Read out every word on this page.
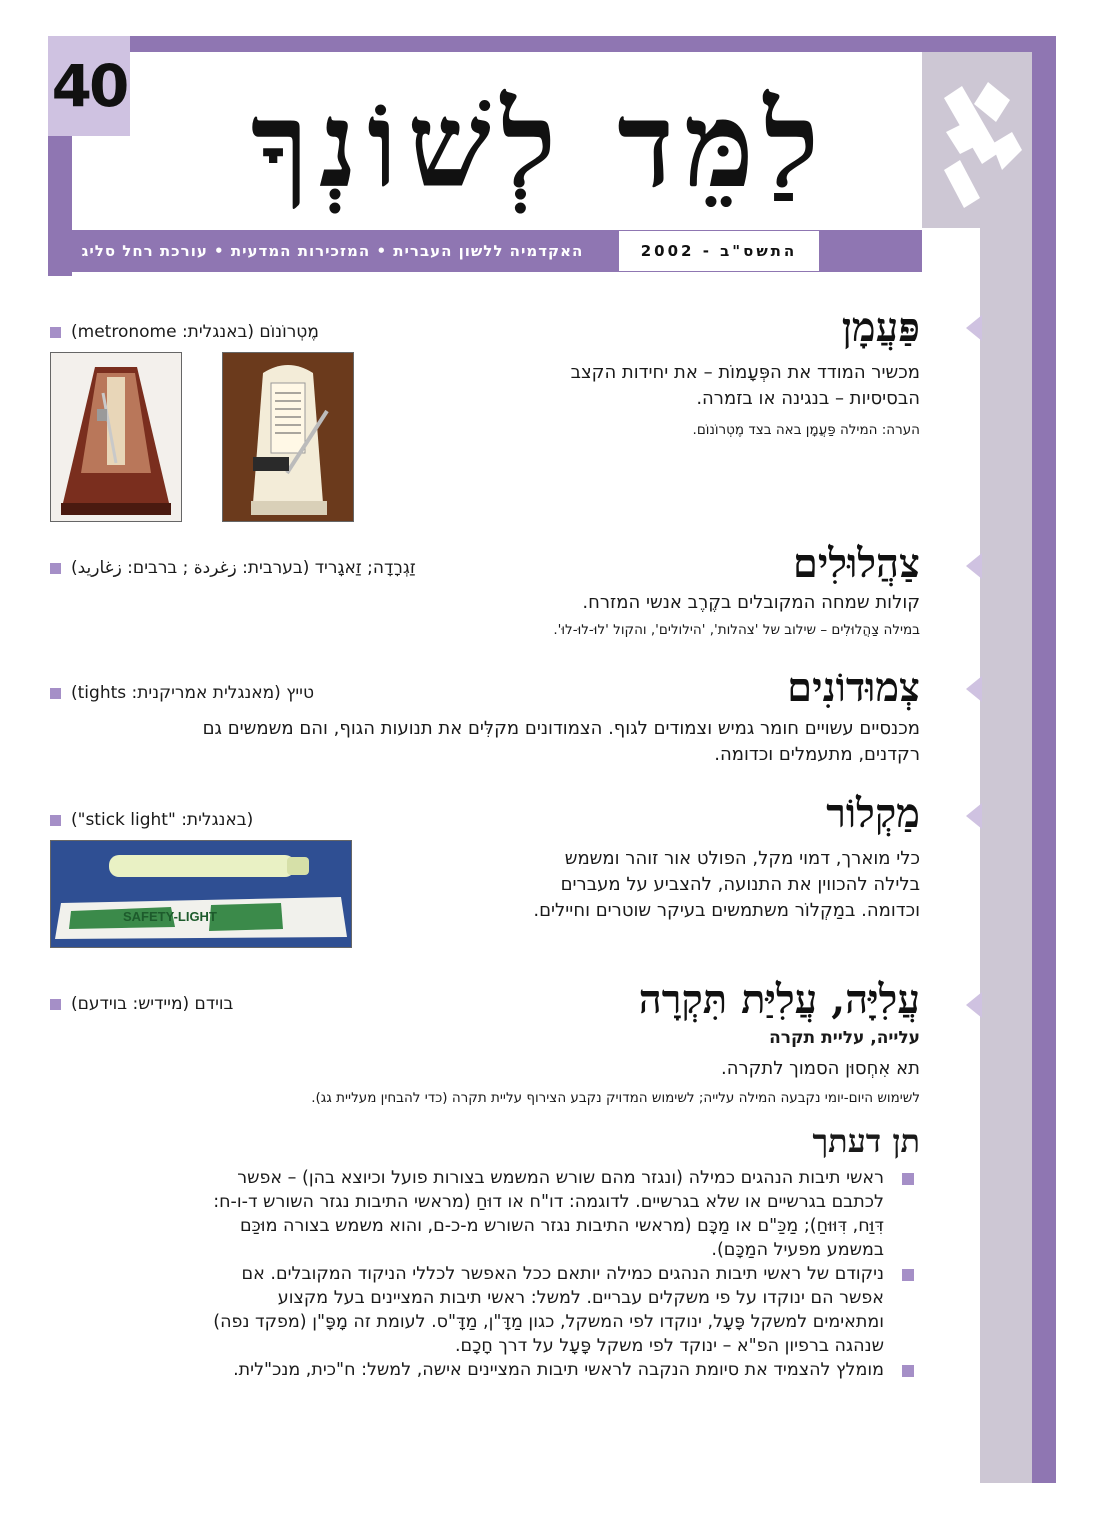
40	לַמֵּד לְשׁוֹנְךָ
האקדמיה ללשון העברית • המזכירות המדעית • עורכת רחל סליג	התשס"ב - 2002
פַּעֲמָן
מֶטְרוֹנוֹם (באנגלית: metronome)
מכשיר המודד את הפְּעָמוֹת – את יחידות הקצב
הבסיסיות – בנגינה או בזמרה.
הערה: המילה פַּעֲמָן באה בצד מֶטְרוֹנוֹם.
צַהֲלוּלִים
זַגְרָדָה; זַאגָריד (בערבית: زغردة ; ברבים: زغاريد)
קולות שמחה המקובלים בקֶרֶב אנשי המזרח.
במילה צַהֲלוּלִים – שילוב של 'צהלות', 'הילולים', והקול 'לוּ-לוּ-לוּ'.
צְמוּדוֹנִים
טייץ (מאנגלית אמריקנית: tights)
מכנסיים עשויים חומר גמיש וצמודים לגוף. הצמודונים מקלִּים את תנועות הגוף, והם משמשים גם
רקדנים, מתעמלים וכדומה.
מַקְלוֹר
(באנגלית: "stick light")
כלי מוארך, דמוי מקל, הפולט אור זוהר ומשמש
בלילה להכווין את התנועה, להצביע על מעברים
וכדומה. במַקְלוֹר משתמשים בעיקר שוטרים וחיילים.
SAFETY-LIGHT
עֲלִיָּה, עֲלִיַּת תִּקְרָה
בוידם (מיידיש: בוידעם)
עלייה, עליית תקרה
תא אִחְסוּן הסמוך לתקרה.
לשימוש היום-יומי נקבעה המילה עלייה; לשימוש המדויק נקבע הצירוף עליית תקרה (כדי להבחין מעליית גג).
תן דעתך
ראשי תיבות הנהגים כמילה (ונגזר מהם שורש המשמש בצורות פועל וכיוצא בהן) – אפשר
לכתבם בגרשיים או שלא בגרשיים. לדוגמה: דו"ח או דוּחַ (מראשי התיבות נגזר השורש ד-ו-ח:
דִּוַּח, דִּוּוּחַ); מַכַּ"ם או מַכָּם (מראשי התיבות נגזר השורש מ-כ-ם, והוא משמש בצורה מוּכַּם
במשמע מפעיל המַכָּם).
ניקודם של ראשי תיבות הנהגים כמילה יותאם ככל האפשר לכללי הניקוד המקובלים. אם
אפשר הם ינוקדו על פי משקלים עבריים. למשל: ראשי תיבות המציינים בעל מקצוע
ומתאימים למשקל פָּעָל, ינוקדו לפי המשקל, כגון מַדָּ"ן, מַדָּ"ס. לעומת זה מָפָּ"ן (מפקד נפה)
שנהגה ברפיון הפ"א – ינוקד לפי משקל פָּעָל על דרך חָכָם.
מומלץ להצמיד את סיומת הנקבה לראשי תיבות המציינים אישה, למשל: ח"כית, מנכ"לית.
